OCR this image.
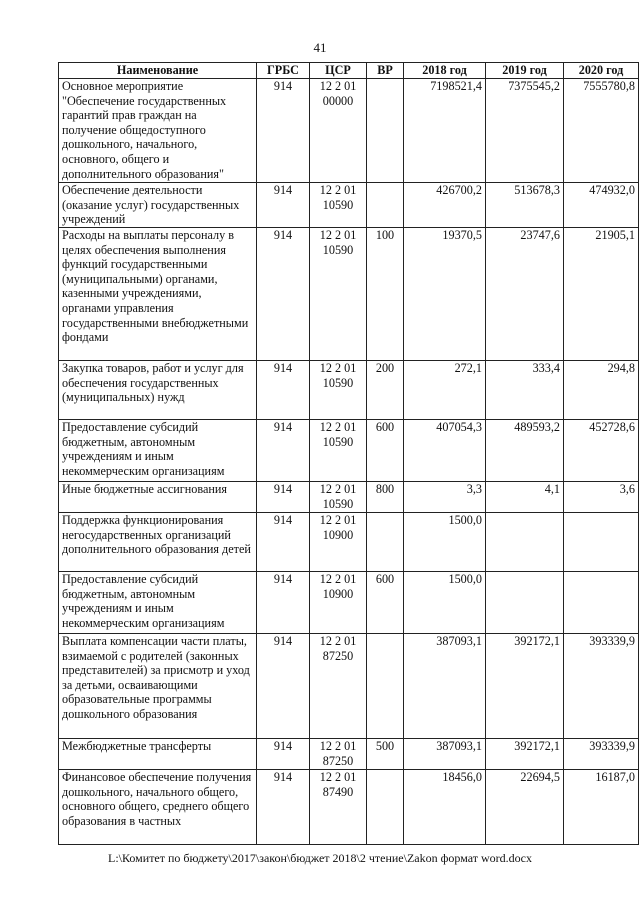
41
Наименование	ГРБС	ЦСР	ВР	2018 год	2019 год	2020 год
Основное мероприятие "Обеспечение государственных гарантий прав граждан на получение общедоступного дошкольного, начального, основного, общего и дополнительного образования"	914	12 2 01 00000		7198521,4	7375545,2	7555780,8
Обеспечение деятельности (оказание услуг) государственных учреждений	914	12 2 01 10590		426700,2	513678,3	474932,0
Расходы на выплаты персоналу в целях обеспечения выполнения функций государственными (муниципальными) органами, казенными учреждениями, органами управления государственными внебюджетными фондами	914	12 2 01 10590	100	19370,5	23747,6	21905,1
Закупка товаров, работ и услуг для обеспечения государственных (муниципальных) нужд	914	12 2 01 10590	200	272,1	333,4	294,8
Предоставление субсидий бюджетным, автономным учреждениям и иным некоммерческим организациям	914	12 2 01 10590	600	407054,3	489593,2	452728,6
Иные бюджетные ассигнования	914	12 2 01 10590	800	3,3	4,1	3,6
Поддержка функционирования негосударственных организаций дополнительного образования детей	914	12 2 01 10900		1500,0		
Предоставление субсидий бюджетным, автономным учреждениям и иным некоммерческим организациям	914	12 2 01 10900	600	1500,0		
Выплата компенсации части платы, взимаемой с родителей (законных представителей) за присмотр и уход за детьми, осваивающими образовательные программы дошкольного образования	914	12 2 01 87250		387093,1	392172,1	393339,9
Межбюджетные трансферты	914	12 2 01 87250	500	387093,1	392172,1	393339,9
Финансовое обеспечение получения дошкольного, начального общего, основного общего, среднего общего образования в частных	914	12 2 01 87490		18456,0	22694,5	16187,0
L:\Комитет по бюджету\2017\закон\бюджет 2018\2 чтение\Zakon формат word.docx
